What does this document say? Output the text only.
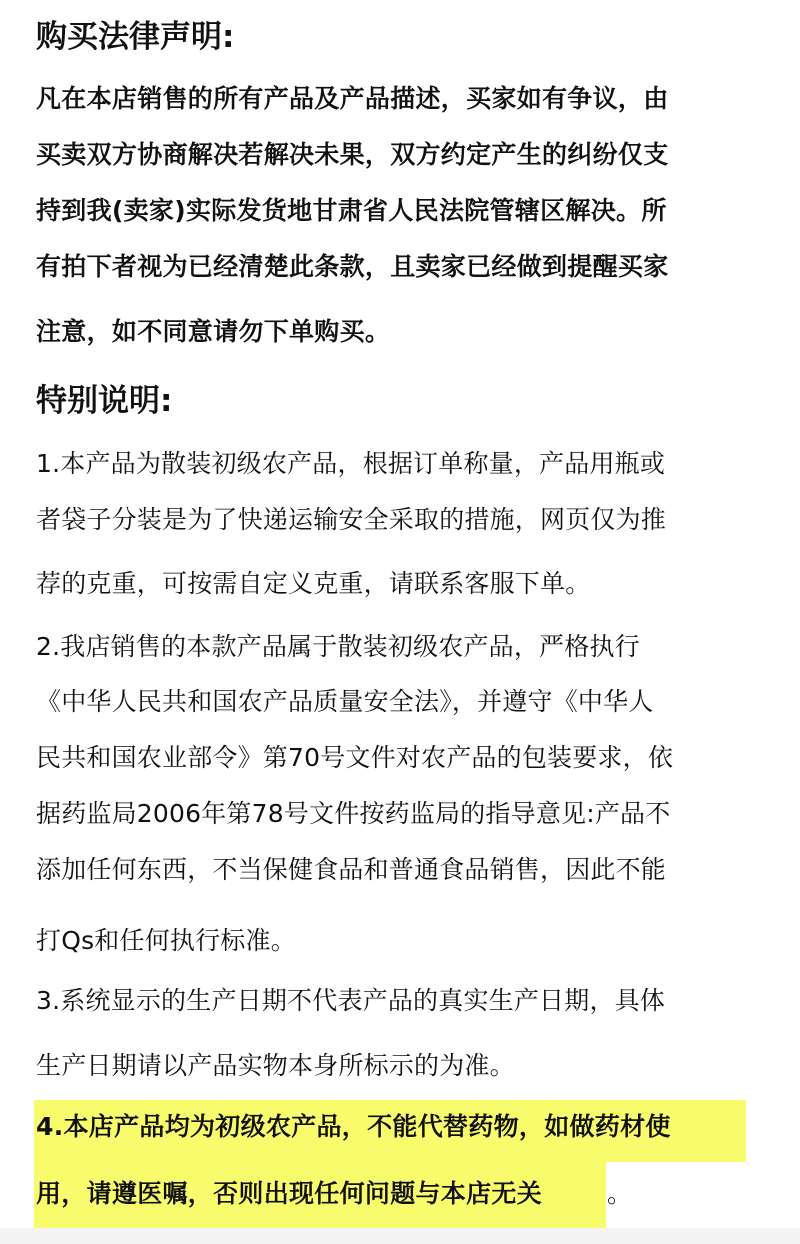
购买法律声明:
凡在本店销售的所有产品及产品描述，买家如有争议，由
买卖双方协商解决若解决未果，双方约定产生的纠纷仅支
持到我(卖家)实际发货地甘肃省人民法院管辖区解决。所
有拍下者视为已经清楚此条款，且卖家已经做到提醒买家
注意，如不同意请勿下单购买。
特别说明:
1.本产品为散装初级农产品，根据订单称量，产品用瓶或
者袋子分装是为了快递运输安全采取的措施，网页仅为推
荐的克重，可按需自定义克重，请联系客服下单。
2.我店销售的本款产品属于散装初级农产品，严格执行
《中华人民共和国农产品质量安全法》，并遵守《中华人
民共和国农业部令》第70号文件对农产品的包装要求，依
据药监局2006年第78号文件按药监局的指导意见:产品不
添加任何东西，不当保健食品和普通食品销售，因此不能
打Qs和任何执行标准。
3.系统显示的生产日期不代表产品的真实生产日期，具体
生产日期请以产品实物本身所标示的为准。
4.本店产品均为初级农产品，不能代替药物，如做药材使
用，请遵医嘱，否则出现任何问题与本店无关	。
